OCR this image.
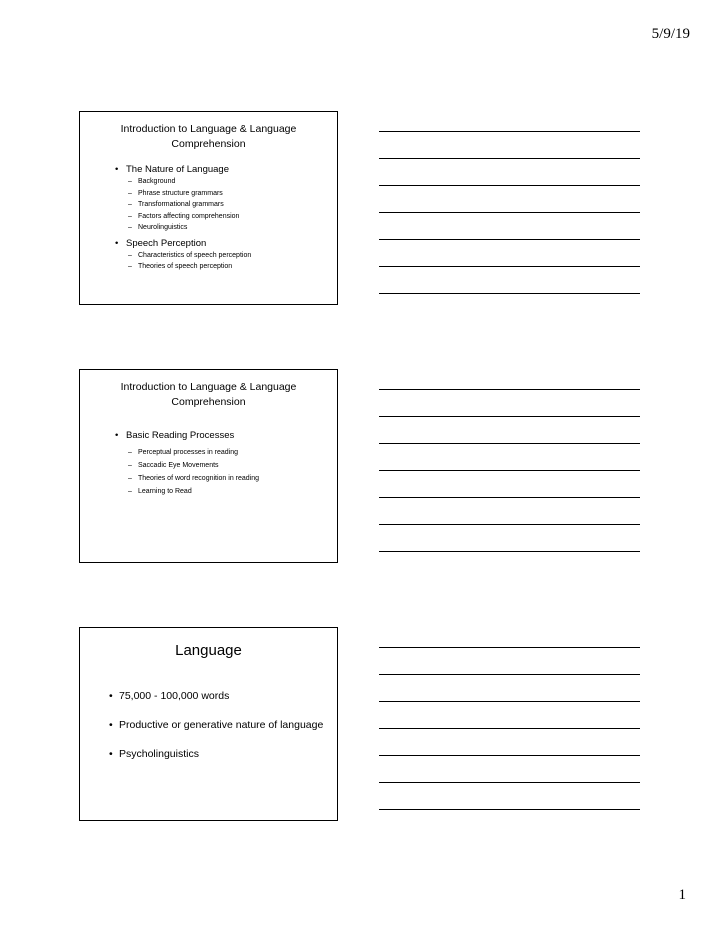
5/9/19
Introduction to Language & Language
Comprehension
• The Nature of Language
– Background
– Phrase structure grammars
– Transformational grammars
– Factors affecting comprehension
– Neurolinguistics
• Speech Perception
– Characteristics of speech perception
– Theories of speech perception
Introduction to Language & Language
Comprehension
• Basic Reading Processes
– Perceptual processes in reading
– Saccadic Eye Movements
– Theories of word recognition in reading
– Learning to Read
Language
• 75,000 - 100,000 words
• Productive or generative nature of language
• Psycholinguistics
1
